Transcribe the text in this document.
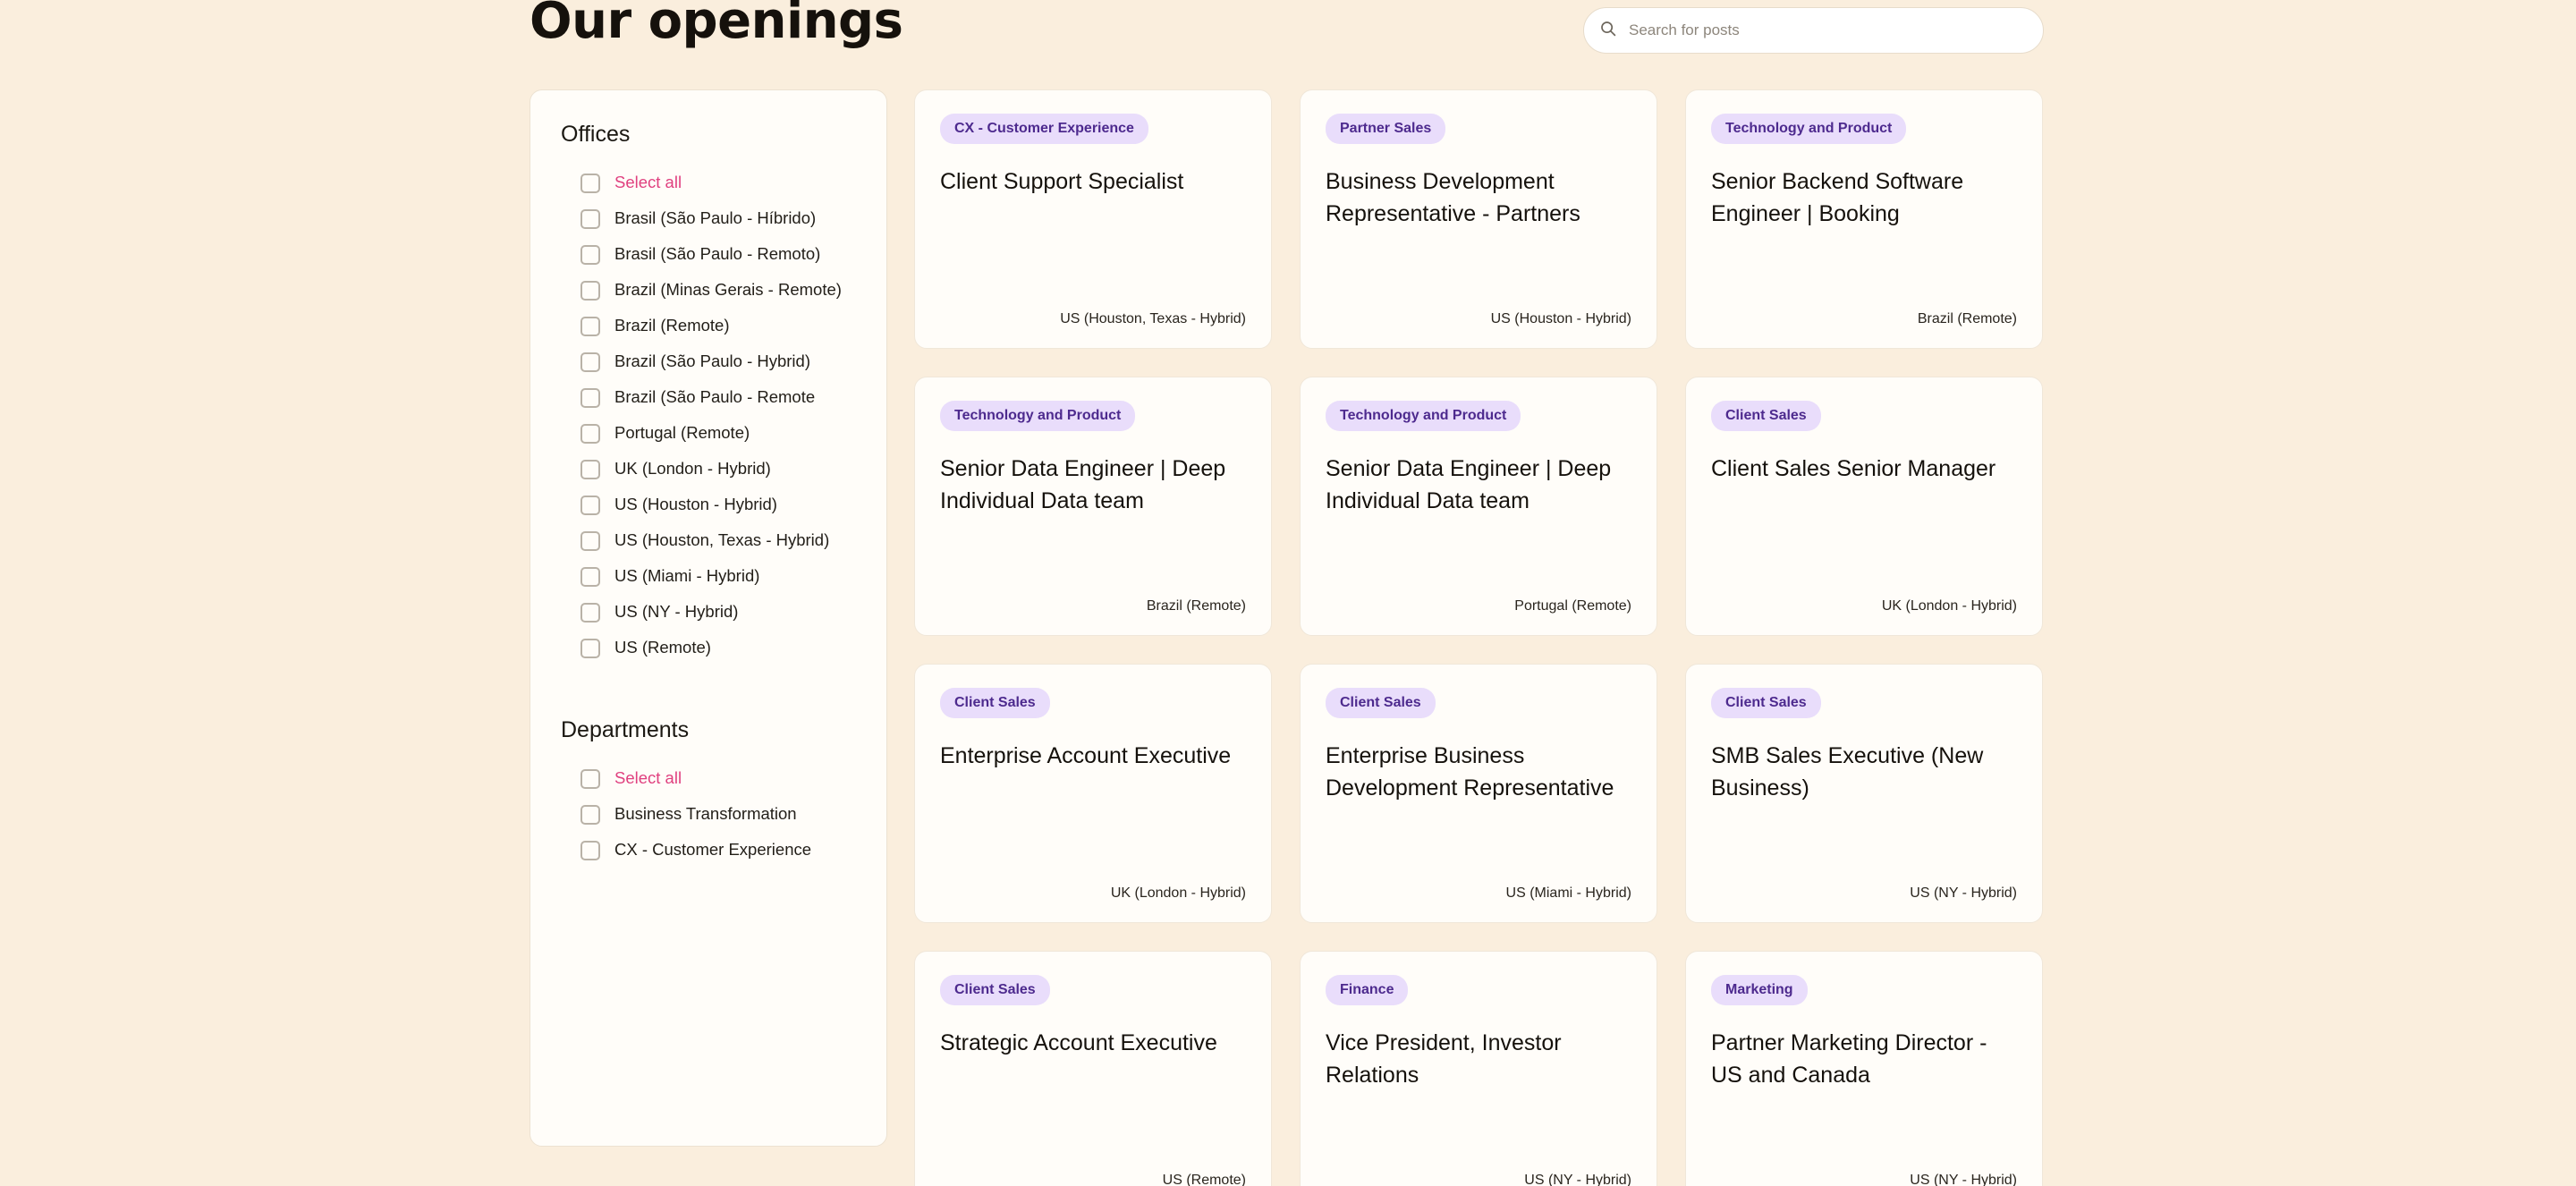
Our openings
Search for posts
Offices
Select all
Brasil (São Paulo - Híbrido)
Brasil (São Paulo - Remoto)
Brazil (Minas Gerais - Remote)
Brazil (Remote)
Brazil (São Paulo - Hybrid)
Brazil (São Paulo - Remote
Portugal (Remote)
UK (London - Hybrid)
US (Houston - Hybrid)
US (Houston, Texas - Hybrid)
US (Miami - Hybrid)
US (NY - Hybrid)
US (Remote)
Departments
Select all
Business Transformation
CX - Customer Experience
CX - Customer Experience
Client Support Specialist
US (Houston, Texas - Hybrid)
Partner Sales
Business Development Representative - Partners
US (Houston - Hybrid)
Technology and Product
Senior Backend Software Engineer | Booking
Brazil (Remote)
Technology and Product
Senior Data Engineer | Deep Individual Data team
Brazil (Remote)
Technology and Product
Senior Data Engineer | Deep Individual Data team
Portugal (Remote)
Client Sales
Client Sales Senior Manager
UK (London - Hybrid)
Client Sales
Enterprise Account Executive
UK (London - Hybrid)
Client Sales
Enterprise Business Development Representative
US (Miami - Hybrid)
Client Sales
SMB Sales Executive (New Business)
US (NY - Hybrid)
Client Sales
Strategic Account Executive
US (Remote)
Finance
Vice President, Investor Relations
US (NY - Hybrid)
Marketing
Partner Marketing Director - US and Canada
US (NY - Hybrid)
